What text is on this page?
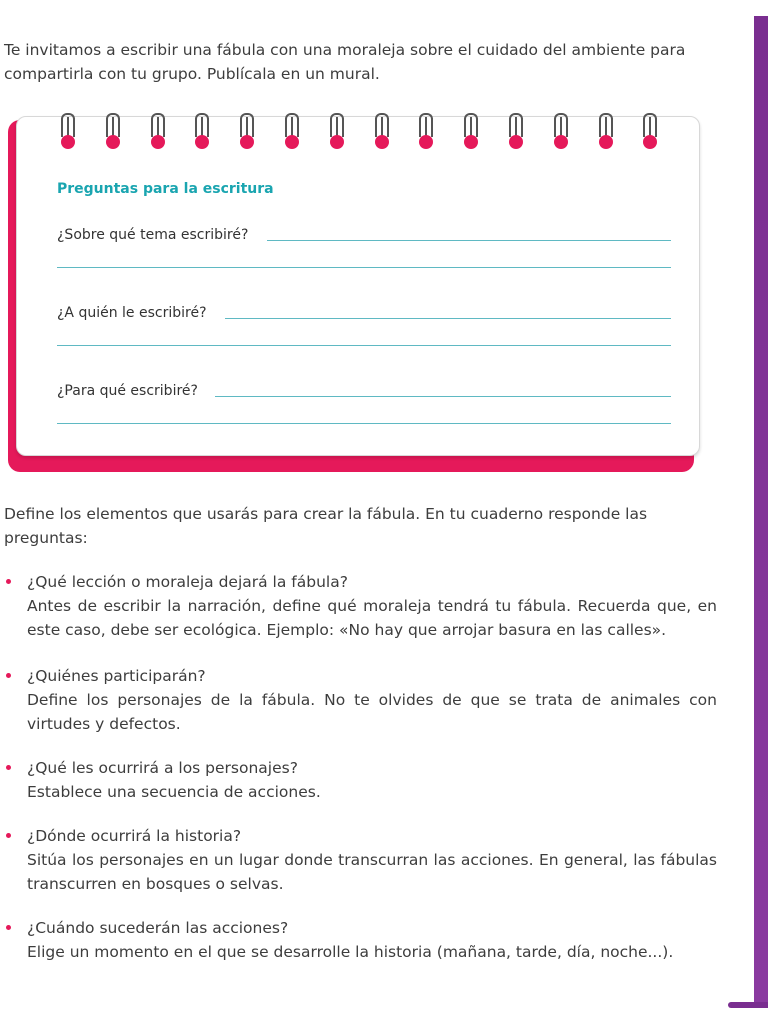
Te invitamos a escribir una fábula con una moraleja sobre el cuidado del ambiente para compartirla con tu grupo. Publícala en un mural.

Preguntas para la escritura
¿Sobre qué tema escribiré?
¿A quién le escribiré?
¿Para qué escribiré?

Define los elementos que usarás para crear la fábula. En tu cuaderno responde las preguntas:

¿Qué lección o moraleja dejará la fábula?
Antes de escribir la narración, define qué moraleja tendrá tu fábula. Recuerda que, en este caso, debe ser ecológica. Ejemplo: «No hay que arrojar basura en las calles».
¿Quiénes participarán?
Define los personajes de la fábula. No te olvides de que se trata de animales con virtudes y defectos.
¿Qué les ocurrirá a los personajes?
Establece una secuencia de acciones.
¿Dónde ocurrirá la historia?
Sitúa los personajes en un lugar donde transcurran las acciones. En general, las fábulas transcurren en bosques o selvas.
¿Cuándo sucederán las acciones?
Elige un momento en el que se desarrolle la historia (mañana, tarde, día, noche...).
